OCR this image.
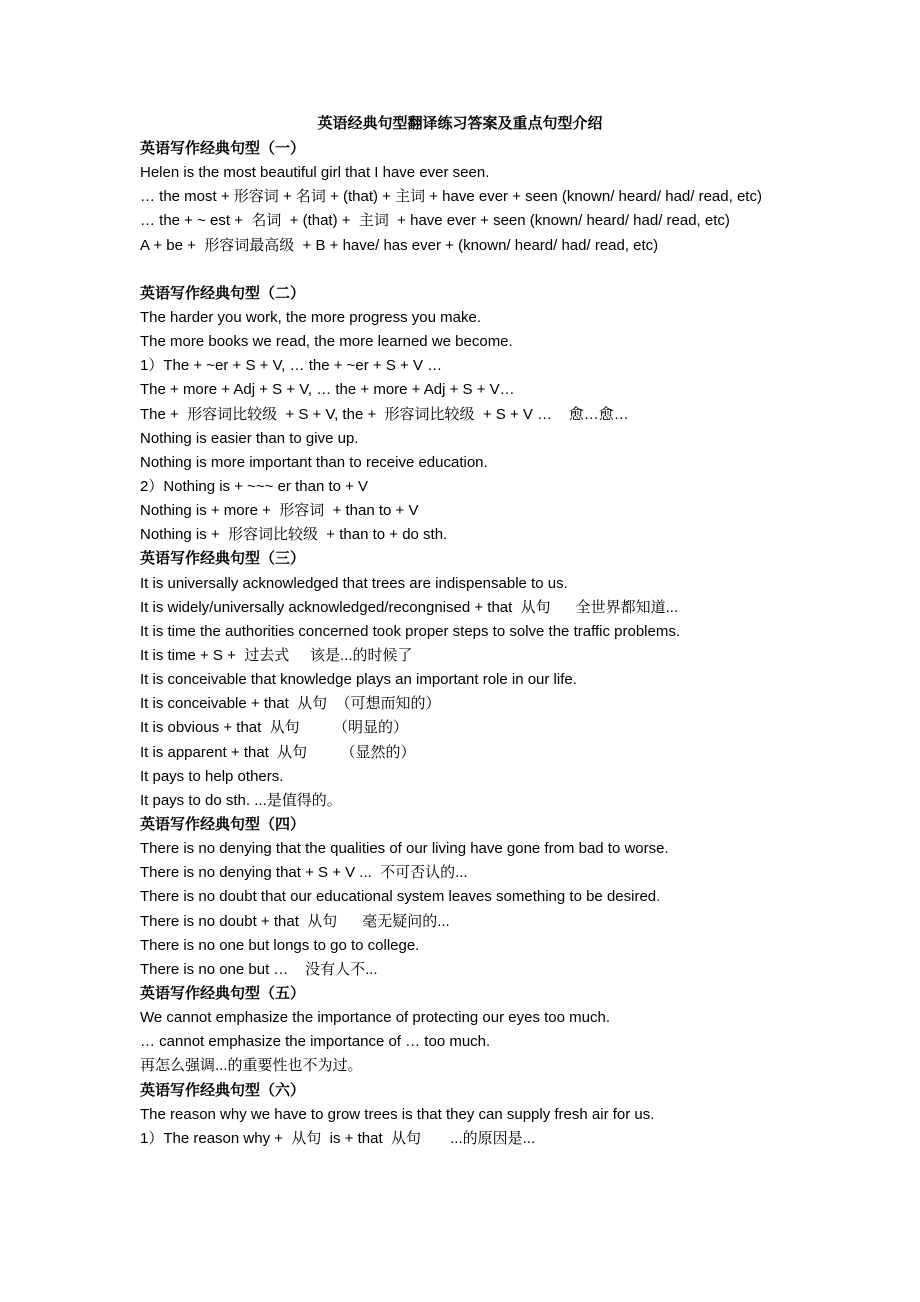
英语经典句型翻译练习答案及重点句型介绍
英语写作经典句型（一）
Helen is the most beautiful girl that I have ever seen.
… the most + 形容词 + 名词 + (that) + 主词 + have ever + seen (known/ heard/ had/ read, etc)
… the + ~ est +  名词  + (that) +  主词  + have ever + seen (known/ heard/ had/ read, etc)
A + be +  形容词最高级  + B + have/ has ever + (known/ heard/ had/ read, etc)
英语写作经典句型（二）
The harder you work, the more progress you make.
The more books we read, the more learned we become.
1）The + ~er + S + V, … the + ~er + S + V …
The + more + Adj + S + V, … the + more + Adj + S + V…
The +  形容词比较级  + S + V, the +  形容词比较级  + S + V …    愈…愈…
Nothing is easier than to give up.
Nothing is more important than to receive education.
2）Nothing is + ~~~ er than to + V
Nothing is + more +  形容词  + than to + V
Nothing is +  形容词比较级  + than to + do sth.
英语写作经典句型（三）
It is universally acknowledged that trees are indispensable to us.
It is widely/universally acknowledged/recongnised + that  从句      全世界都知道...
It is time the authorities concerned took proper steps to solve the traffic problems.
It is time + S +  过去式     该是...的时候了
It is conceivable that knowledge plays an important role in our life.
It is conceivable + that  从句  （可想而知的）
It is obvious + that  从句        （明显的）
It is apparent + that  从句        （显然的）
It pays to help others.
It pays to do sth. ...是值得的。
英语写作经典句型（四）
There is no denying that the qualities of our living have gone from bad to worse.
There is no denying that + S + V ...  不可否认的...
There is no doubt that our educational system leaves something to be desired.
There is no doubt + that  从句      毫无疑问的...
There is no one but longs to go to college.
There is no one but …    没有人不...
英语写作经典句型（五）
We cannot emphasize the importance of protecting our eyes too much.
… cannot emphasize the importance of … too much.
再怎么强调...的重要性也不为过。
英语写作经典句型（六）
The reason why we have to grow trees is that they can supply fresh air for us.
1）The reason why +  从句  is + that  从句       ...的原因是...
